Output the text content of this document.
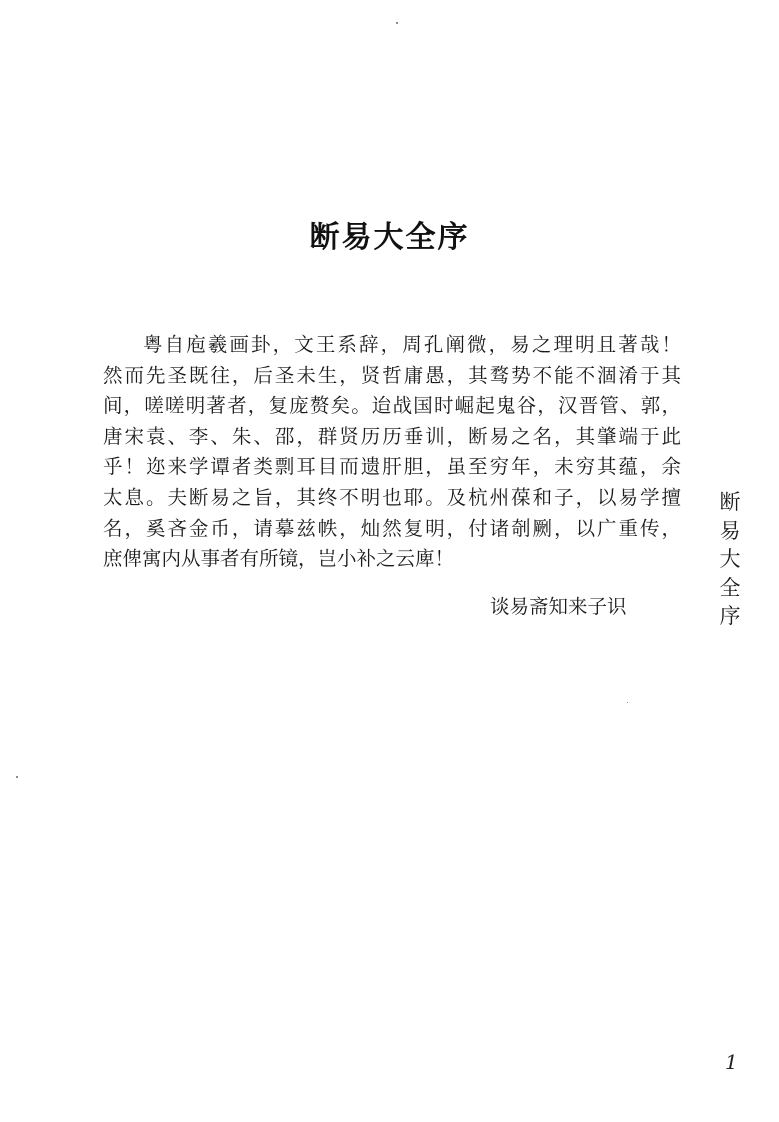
断易大全序
粤自庖羲画卦，文王系辞，周孔阐微，易之理明且著哉！
然而先圣既往，后圣未生，贤哲庸愚，其骛势不能不涸淆于其
间，嗟嗟明著者，复庞赘矣。迨战国时崛起鬼谷，汉晋管、郭，
唐宋袁、李、朱、邵，群贤历历垂训，断易之名，其肇端于此
乎！迩来学谭者类剽耳目而遗肝胆，虽至穷年，未穷其蕴，余
太息。夫断易之旨，其终不明也耶。及杭州葆和子，以易学擅
名，奚吝金币，请摹兹帙，灿然复明，付诸剞劂，以广重传，
庶俾寓内从事者有所镜，岂小补之云庳！
谈易斋知来子识
断
易
大
全
序
1
